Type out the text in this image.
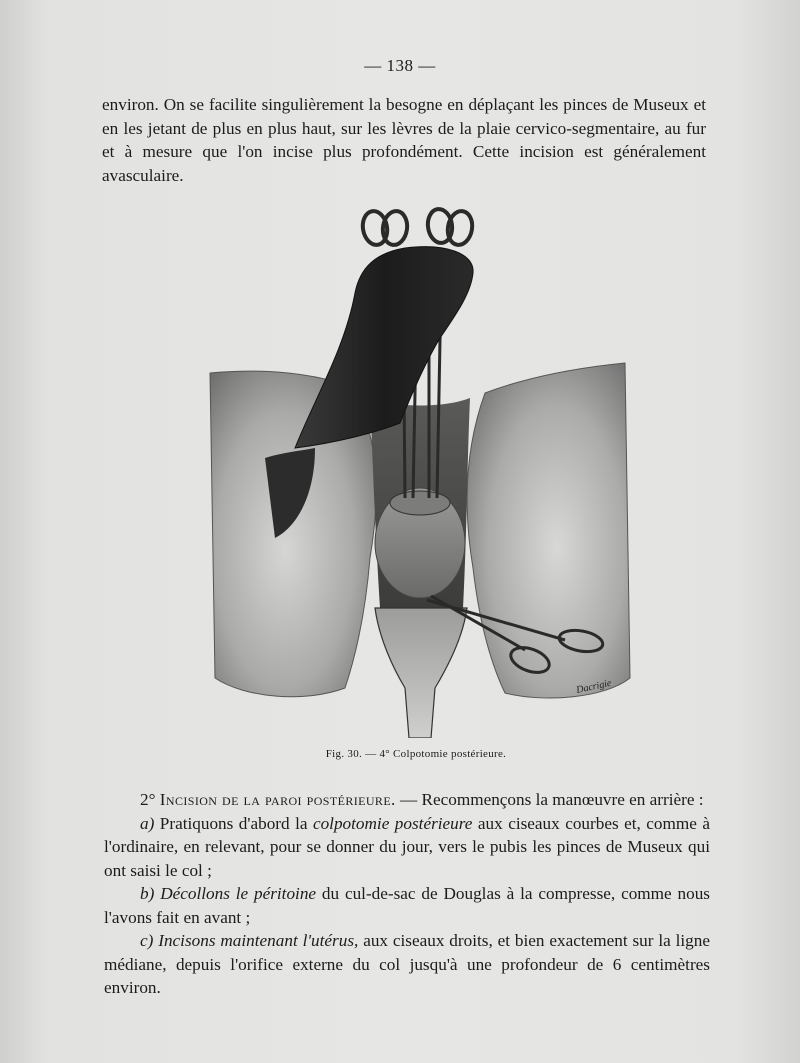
— 138 —

environ. On se facilite singulièrement la besogne en déplaçant les pinces de Museux et en les jetant de plus en plus haut, sur les lèvres de la plaie cervico-segmentaire, au fur et à mesure que l'on incise plus profondément. Cette incision est généralement avasculaire.

Dacrigie
Fig. 30. — 4° Colpotomie postérieure.

2° Incision de la paroi postérieure. — Recommençons la manœuvre en arrière :
a) Pratiquons d'abord la colpotomie postérieure aux ciseaux courbes et, comme à l'ordinaire, en relevant, pour se donner du jour, vers le pubis les pinces de Museux qui ont saisi le col ;
b) Décollons le péritoine du cul-de-sac de Douglas à la compresse, comme nous l'avons fait en avant ;
c) Incisons maintenant l'utérus, aux ciseaux droits, et bien exactement sur la ligne médiane, depuis l'orifice externe du col jusqu'à une profondeur de 6 centimètres environ.
